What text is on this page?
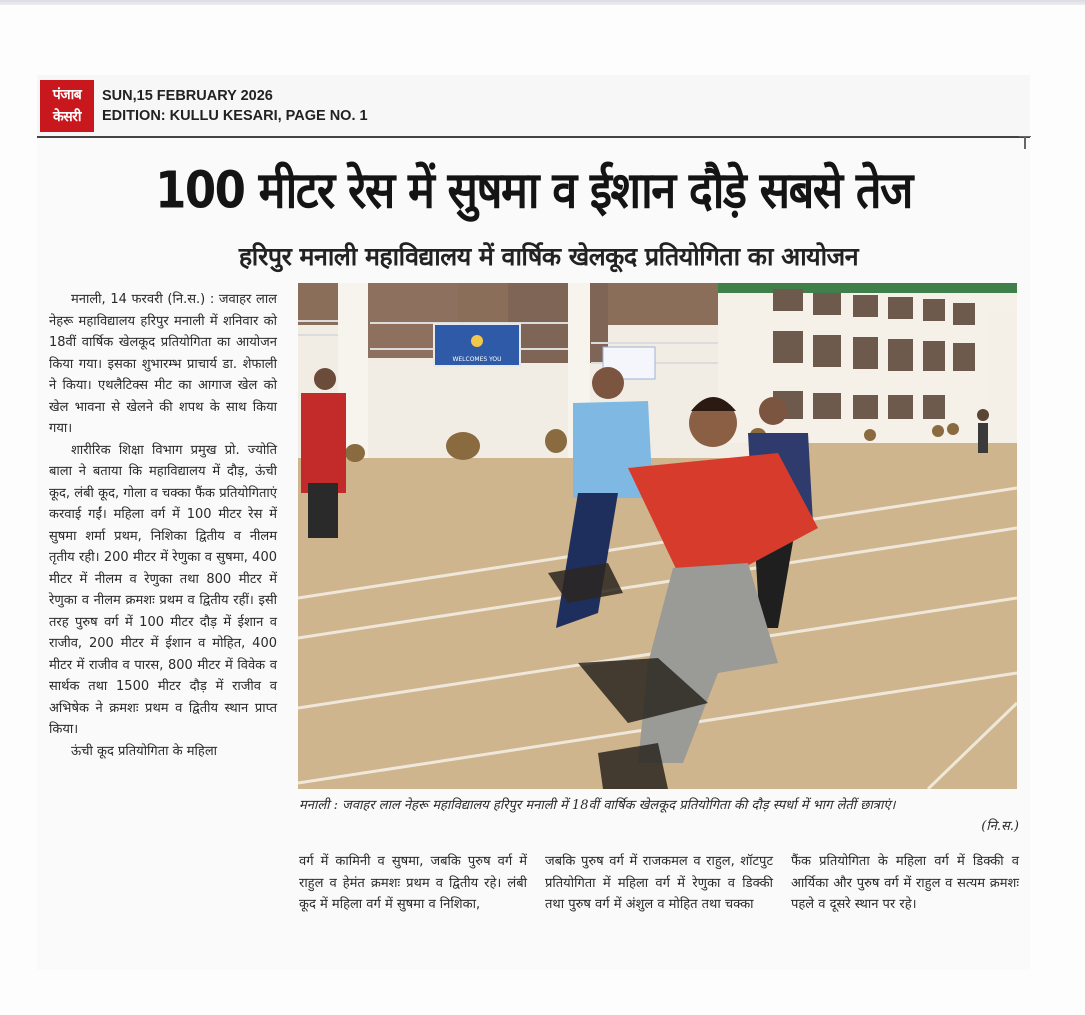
पंजाब
केसरी
SUN,15 FEBRUARY 2026
EDITION: KULLU KESARI, PAGE NO. 1
100 मीटर रेस में सुषमा व ईशान दौड़े सबसे तेज
हरिपुर मनाली महाविद्यालय में वार्षिक खेलकूद प्रतियोगिता का आयोजन

मनाली, 14 फरवरी (नि.स.) : जवाहर लाल नेहरू महाविद्यालय हरिपुर मनाली में शनिवार को 18वीं वार्षिक खेलकूद प्रतियोगिता का आयोजन किया गया। इसका शुभारम्भ प्राचार्य डा. शेफाली ने किया। एथलैटिक्स मीट का आगाज खेल को खेल भावना से खेलने की शपथ के साथ किया गया।

शारीरिक शिक्षा विभाग प्रमुख प्रो. ज्योति बाला ने बताया कि महाविद्यालय में दौड़, ऊंची कूद, लंबी कूद, गोला व चक्का फैंक प्रतियोगिताएं करवाई गईं। महिला वर्ग में 100 मीटर रेस में सुषमा शर्मा प्रथम, निशिका द्वितीय व नीलम तृतीय रही। 200 मीटर में रेणुका व सुषमा, 400 मीटर में नीलम व रेणुका तथा 800 मीटर में रेणुका व नीलम क्रमशः प्रथम व द्वितीय रहीं। इसी तरह पुरुष वर्ग में 100 मीटर दौड़ में ईशान व राजीव, 200 मीटर में ईशान व मोहित, 400 मीटर में राजीव व पारस, 800 मीटर में विवेक व सार्थक तथा 1500 मीटर दौड़ में राजीव व अभिषेक ने क्रमशः प्रथम व द्वितीय स्थान प्राप्त किया।

ऊंची कूद प्रतियोगिता के महिला

WELCOMES YOU
मनाली : जवाहर लाल नेहरू महाविद्यालय हरिपुर मनाली में 18वीं वार्षिक खेलकूद प्रतियोगिता की दौड़ स्पर्धा में भाग लेतीं छात्राएं।
(नि.स.)

वर्ग में कामिनी व सुषमा, जबकि पुरुष वर्ग में राहुल व हेमंत क्रमशः प्रथम व द्वितीय रहे। लंबी कूद में महिला वर्ग में सुषमा व निशिका,

जबकि पुरुष वर्ग में राजकमल व राहुल, शॉटपुट प्रतियोगिता में महिला वर्ग में रेणुका व डिक्की तथा पुरुष वर्ग में अंशुल व मोहित तथा चक्का

फैंक प्रतियोगिता के महिला वर्ग में डिक्की व आर्यिका और पुरुष वर्ग में राहुल व सत्यम क्रमशः पहले व दूसरे स्थान पर रहे।
